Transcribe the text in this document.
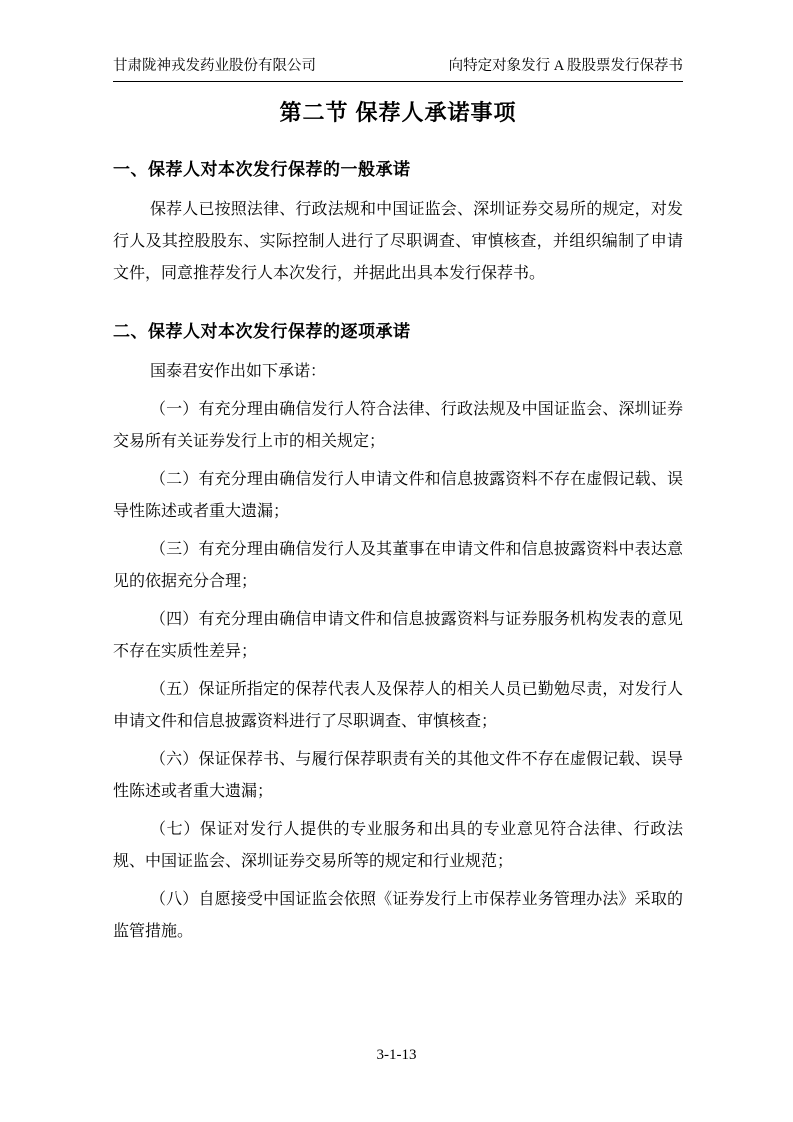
甘肃陇神戎发药业股份有限公司	向特定对象发行 A 股股票发行保荐书
第二节 保荐人承诺事项
一、保荐人对本次发行保荐的一般承诺

保荐人已按照法律、行政法规和中国证监会、深圳证券交易所的规定，对发行人及其控股股东、实际控制人进行了尽职调查、审慎核查，并组织编制了申请文件，同意推荐发行人本次发行，并据此出具本发行保荐书。

二、保荐人对本次发行保荐的逐项承诺

国泰君安作出如下承诺：

（一）有充分理由确信发行人符合法律、行政法规及中国证监会、深圳证券交易所有关证券发行上市的相关规定；

（二）有充分理由确信发行人申请文件和信息披露资料不存在虚假记载、误导性陈述或者重大遗漏；

（三）有充分理由确信发行人及其董事在申请文件和信息披露资料中表达意见的依据充分合理；

（四）有充分理由确信申请文件和信息披露资料与证券服务机构发表的意见不存在实质性差异；

（五）保证所指定的保荐代表人及保荐人的相关人员已勤勉尽责，对发行人申请文件和信息披露资料进行了尽职调查、审慎核查；

（六）保证保荐书、与履行保荐职责有关的其他文件不存在虚假记载、误导性陈述或者重大遗漏；

（七）保证对发行人提供的专业服务和出具的专业意见符合法律、行政法规、中国证监会、深圳证券交易所等的规定和行业规范；

（八）自愿接受中国证监会依照《证券发行上市保荐业务管理办法》采取的监管措施。

3-1-13
